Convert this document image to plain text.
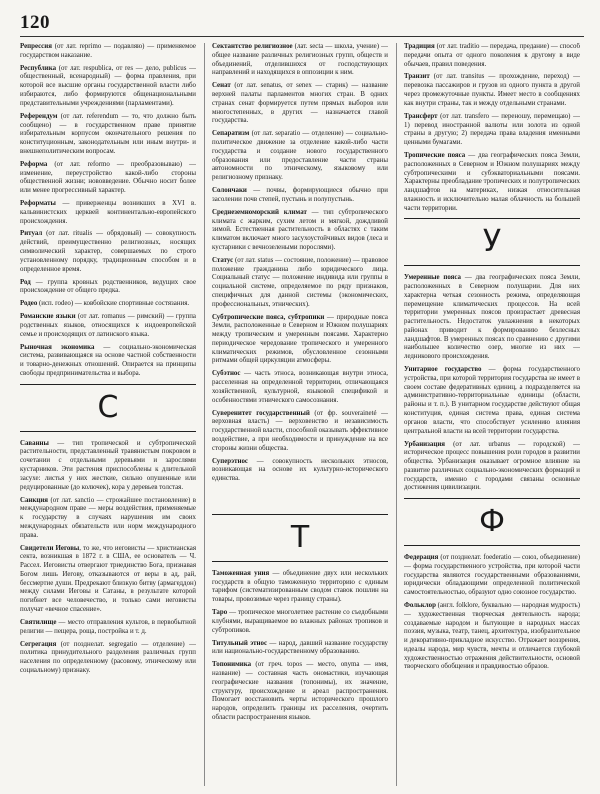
120

Репрессия (от лат. reprimo — подавляю) — применяемое государством наказание.

Республика (от лат. respublica, от res — дело, publicus — общественный, всенародный) — форма правления, при которой все высшие органы государственной власти либо избираются, либо формируются общенациональными представительными учреждениями (парламентами).

Референдум (от лат. referendum — то, что должно быть сообщено) — в государственном праве принятие избирательным корпусом окончательного решения по конституционным, законодательным или иным внутри- и внешнеполитическим вопросам.

Реформа (от лат. reformo — преобразовываю) — изменение, переустройство какой-либо стороны общественной жизни; нововведение. Обычно носит более или менее прогрессивный характер.

Реформаты — приверженцы возникших в XVI в. кальвинистских церквей континентально-европейского происхождения.

Ритуал (от лат. ritualis — обрядовый) — совокупность действий, преимущественно религиозных, носящих символический характер, совершаемых по строго установленному порядку, традиционным способом и в определенное время.

Род — группа кровных родственников, ведущих свое происхождение от общего предка.

Родео (исп. rodeo) — ковбойские спортивные состязания.

Романские языки (от лат. romanus — римский) — группа родственных языков, относящихся к индоевропейской семье и происходящих от латинского языка.

Рыночная экономика — социально-экономическая система, развивающаяся на основе частной собственности и товарно-денежных отношений. Опирается на принципы свободы предпринимательства и выбора.

С

Саванны — тип тропической и субтропической растительности, представленный травянистым покровом в сочетании с отдельными деревьями и зарослями кустарников. Эти растения приспособлены к длительной засухе: листья у них жесткие, сильно опушенные или редуцированные (до колючек), кора у деревьев толстая.

Санкция (от лат. sanctio — строжайшее постановление) в международном праве — меры воздействия, применяемые к государству в случаях нарушения им своих международных обязательств или норм международного права.

Свидетели Иеговы, то же, что иеговисты — христианская секта, возникшая в 1872 г. в США, ее основатель — Ч. Рассел. Иеговисты отвергают триединство Бога, признавая Богом лишь Иегову, отказываются от веры в ад, рай, бессмертие души. Предрекают близкую битву (армагеддон) между силами Иеговы и Сатаны, в результате которой погибнет все человечество, и только сами иеговисты получат «вечное спасение».

Святилище — место отправления культов, в первобытной религии — пещера, роща, постройка и т. д.

Сегрегация (от позднелат. segregatio — отделение) — политика принудительного разделения различных групп населения по определенному (расовому, этническому или социальному) признаку.

Сектантство религиозное (лат. secta — школа, учение) — общее название различных религиозных групп, обществ и объединений, отделившихся от господствующих направлений и находящихся в оппозиции к ним.

Сенат (от лат. senatus, от senex — старик) — название верхней палаты парламентов многих стран. В одних странах сенат формируется путем прямых выборов или многостепенных, в других — назначается главой государства.

Сепаратизм (от лат. separatio — отделение) — социально-политическое движение за отделение какой-либо части государства и создание нового государственного образования или предоставление части страны автономности по этническому, языковому или религиозному признаку.

Солончаки — почвы, формирующиеся обычно при засолении почв степей, пустынь и полупустынь.

Среднеземноморский климат — тип субтропического климата с жарким, сухим летом и мягкой, дождливой зимой. Естественная растительность в областях с таким климатом включает много засухоустойчивых видов (леса и кустарники с вечнозелеными порослями).

Статус (от лат. status — состояние, положение) — правовое положение гражданина либо юридического лица. Социальный статус — положение индивида или группы в социальной системе, определяемое по ряду признаков, специфичных для данной системы (экономических, профессиональных, этнических).

Субтропические пояса, субтропики — природные пояса Земли, расположенные в Северном и Южном полушариях между тропическим и умеренным поясами. Характерно периодическое чередование тропического и умеренного климатических режимов, обусловленное сезонными ритмами общей циркуляции атмосферы.

Субэтнос — часть этноса, возникающая внутри этноса, расселенная на определенной территории, отличающаяся хозяйственной, культурной, языковой спецификой и особенностями этнического самосознания.

Суверенитет государственный (от фр. souveraineté — верховная власть) — верховенство и независимость государственной власти, способной оказывать эффективное воздействие, а при необходимости и принуждение на все стороны жизни общества.

Суперэтнос — совокупность нескольких этносов, возникающая на основе их культурно-исторического единства.

Т

Таможенная уния — объединение двух или нескольких государств в общую таможенную территорию с единым тарифом (систематизированным сводом ставок пошлин на товары, провозимые через границу страны).

Таро — тропическое многолетнее растение со съедобными клубнями, выращиваемое во влажных районах тропиков и субтропиков.

Титульный этнос — народ, давший название государству или национально-государственному образованию.

Топонимика (от греч. topos — место, onyma — имя, название) — составная часть ономастики, изучающая географические названия (топонимы), их значение, структуру, происхождение и ареал распространения. Помогает восстановить черты исторического прошлого народов, определить границы их расселения, очертить области распространения языков.

Традиция (от лат. traditio — передача, предание) — способ передачи опыта от одного поколения к другому в виде обычаев, правил поведения.

Транзит (от лат. transitus — прохождение, переход) — перевозка пассажиров и грузов из одного пункта в другой через промежуточные пункты. Имеет место в сообщениях как внутри страны, так и между отдельными странами.

Трансферт (от лат. transfero — переношу, перемещаю) — 1) перевод иностранной валюты или золота из одной страны в другую; 2) передача права владения именными ценными бумагами.

Тропические пояса — два географических пояса Земли, расположенных в Северном и Южном полушариях между субтропическими и субэкваториальными поясами. Характерны преобладание тропических и полутропических ландшафтов на материках, низкая относительная влажность и исключительно малая облачность на большей части территории.

У

Умеренные пояса — два географических пояса Земли, расположенных в Северном полушарии. Для них характерна четкая сезонность режима, определяющая перемещение климатических процессов. На всей территории умеренных поясов произрастает древесная растительность. Недостаток увлажнения в некоторых районах приводит к формированию безлесных ландшафтов. В умеренных поясах по сравнению с другими наибольшее количество озер, многие из них — ледникового происхождения.

Унитарное государство — форма государственного устройства, при которой территория государства не имеет в своем составе федеративных единиц, а подразделяется на административно-территориальные единицы (области, районы и т. п.). В унитарном государстве действуют общая конституция, единая система права, единая система органов власти, что способствует усилению влияния центральной власти на всей территории государства.

Урбанизация (от лат. urbanus — городской) — историческое процесс повышения роли городов в развитии общества. Урбанизация оказывает огромное влияние на развитие различных социально-экономических формаций и государств, именно с городами связаны основные достижения цивилизации.

Ф

Федерация (от позднелат. foederatio — союз, объединение) — форма государственного устройства, при которой части государства являются государственными образованиями, юридически обладающими определенной политической самостоятельностью, образуют одно союзное государство.

Фольклор (англ. folklore, буквально — народная мудрость) — художественная творческая деятельность народа; создаваемые народом и бытующие в народных массах поэзия, музыка, театр, танец, архитектура, изобразительное и декоративно-прикладное искусство. Отражает воззрения, идеалы народа, мир чувств, мечты и отличается глубокой художественностью отражения действительности, основой творческого обобщения и правдивостью образов.
